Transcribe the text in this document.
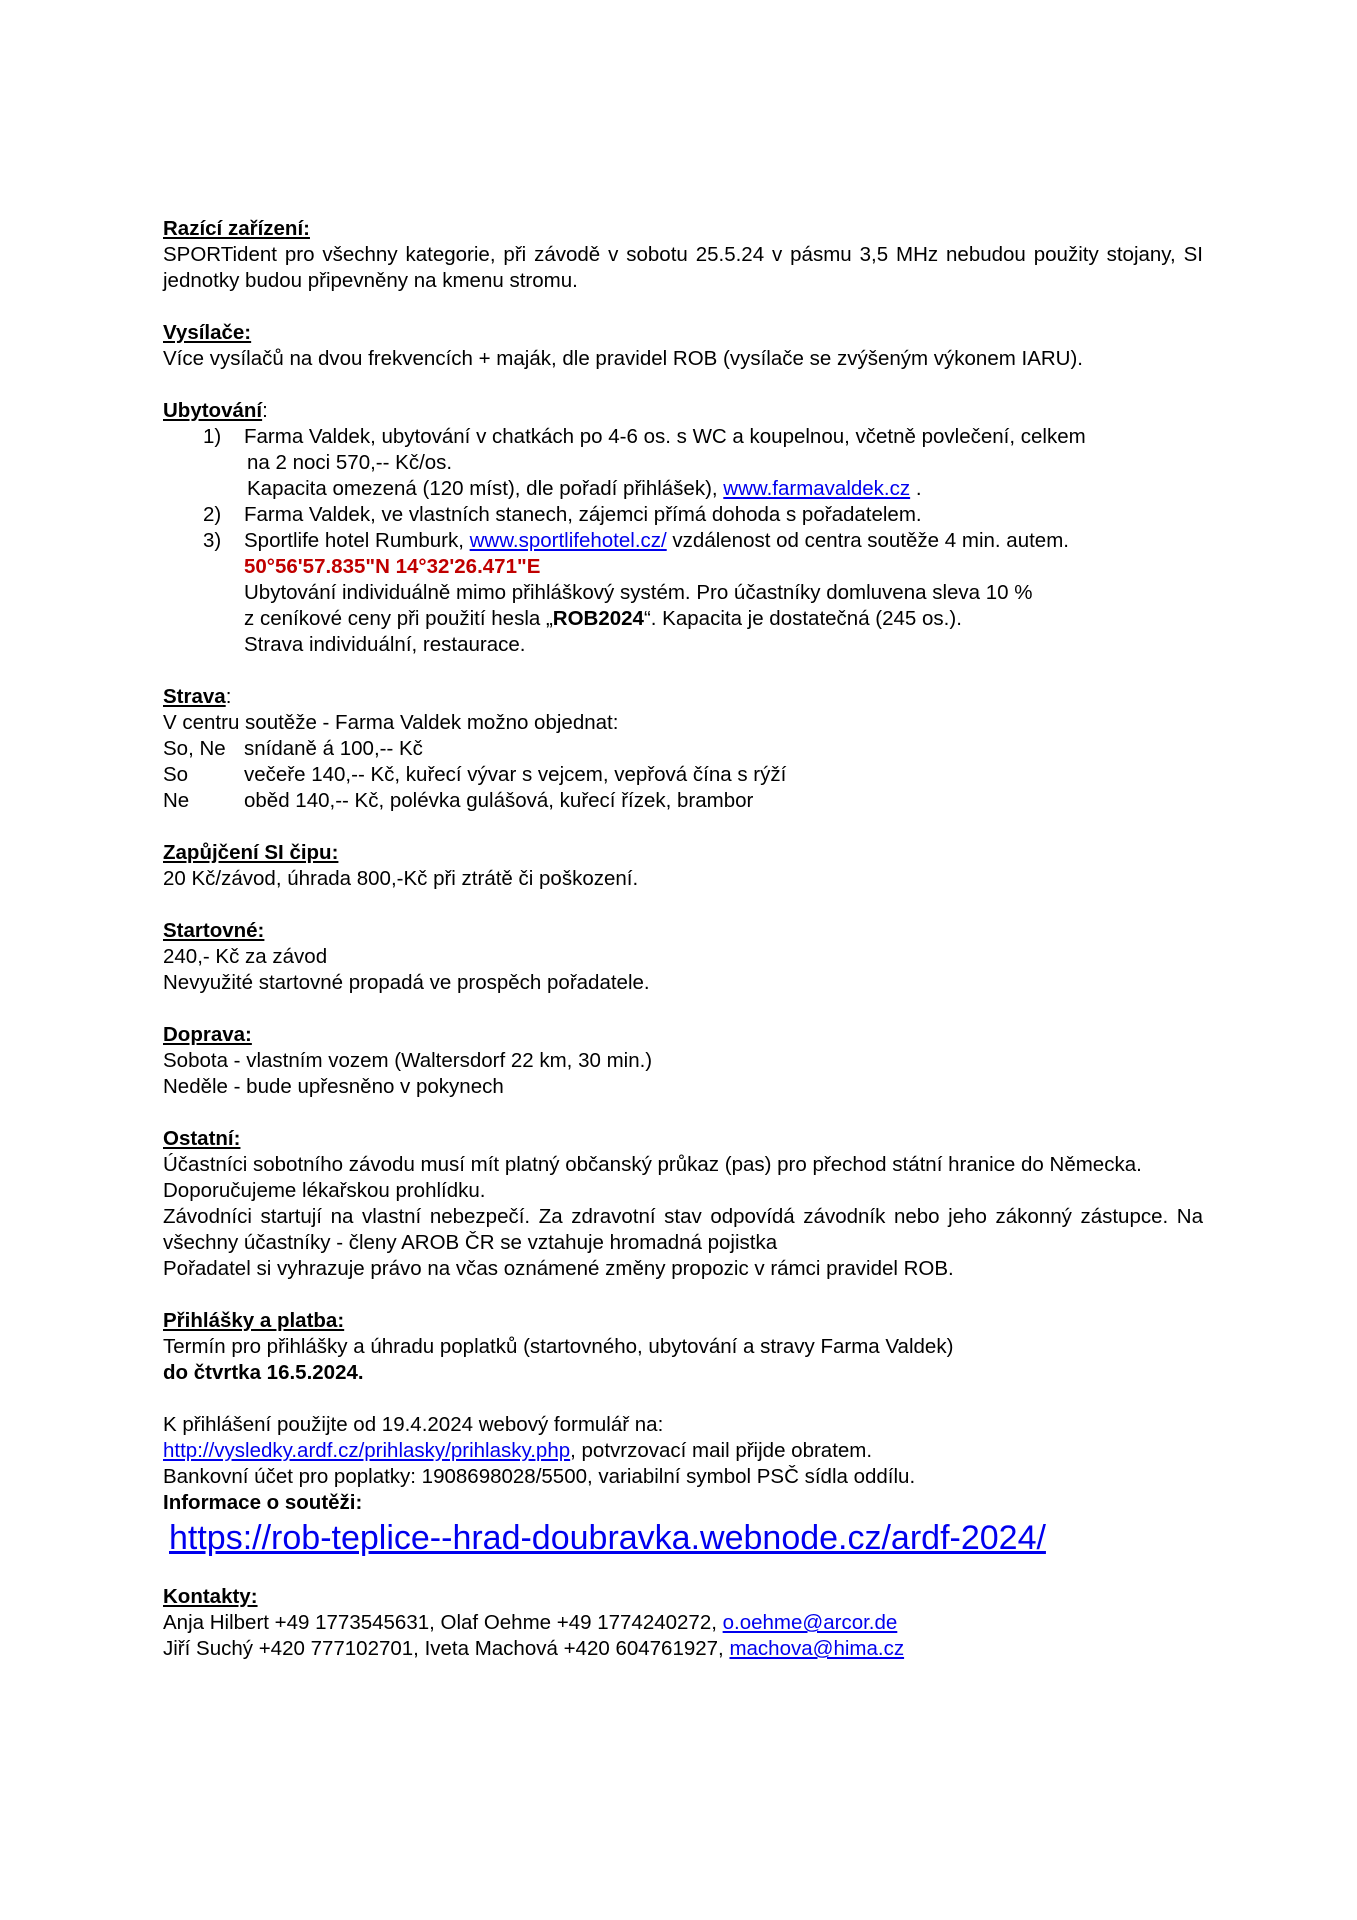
Razící zařízení:
SPORTident pro všechny kategorie, při závodě v sobotu 25.5.24 v pásmu 3,5 MHz nebudou použity stojany, SI jednotky budou připevněny na kmenu stromu.
Vysílače:
Více vysílačů na dvou frekvencích + maják, dle pravidel ROB (vysílače se zvýšeným výkonem IARU).
Ubytování:
1) Farma Valdek, ubytování v chatkách po 4-6 os. s WC a koupelnou, včetně povlečení, celkem
na 2 noci 570,-- Kč/os.
Kapacita omezená (120 míst), dle pořadí přihlášek), www.farmavaldek.cz .
2) Farma Valdek, ve vlastních stanech, zájemci přímá dohoda s pořadatelem.
3) Sportlife hotel Rumburk, www.sportlifehotel.cz/ vzdálenost od centra soutěže 4 min. autem.
50°56'57.835"N 14°32'26.471"E
Ubytování individuálně mimo přihláškový systém. Pro účastníky domluvena sleva 10 %
z ceníkové ceny při použití hesla „ROB2024“. Kapacita je dostatečná (245 os.).
Strava individuální, restaurace.
Strava:
V centru soutěže - Farma Valdek možno objednat:
So, Ne snídaně á 100,-- Kč
So	večeře 140,-- Kč, kuřecí vývar s vejcem, vepřová čína s rýží
Ne	oběd 140,-- Kč, polévka gulášová, kuřecí řízek, brambor
Zapůjčení SI čipu:
20 Kč/závod, úhrada 800,-Kč při ztrátě či poškození.
Startovné:
240,- Kč za závod
Nevyužité startovné propadá ve prospěch pořadatele.
Doprava:
Sobota - vlastním vozem (Waltersdorf 22 km, 30 min.)
Neděle - bude upřesněno v pokynech
Ostatní:
Účastníci sobotního závodu musí mít platný občanský průkaz (pas) pro přechod státní hranice do Německa.
Doporučujeme lékařskou prohlídku.
Závodníci startují na vlastní nebezpečí. Za zdravotní stav odpovídá závodník nebo jeho zákonný zástupce. Na všechny účastníky - členy AROB ČR se vztahuje hromadná pojistka
Pořadatel si vyhrazuje právo na včas oznámené změny propozic v rámci pravidel ROB.
Přihlášky a platba:
Termín pro přihlášky a úhradu poplatků (startovného, ubytování a stravy Farma Valdek)
do čtvrtka 16.5.2024.
K přihlášení použijte od 19.4.2024 webový formulář na:
http://vysledky.ardf.cz/prihlasky/prihlasky.php, potvrzovací mail přijde obratem.
Bankovní účet pro poplatky: 1908698028/5500, variabilní symbol PSČ sídla oddílu.
Informace o soutěži:
https://rob-teplice--hrad-doubravka.webnode.cz/ardf-2024/
Kontakty:
Anja Hilbert +49 1773545631, Olaf Oehme +49 1774240272, o.oehme@arcor.de
Jiří Suchý +420 777102701, Iveta Machová +420 604761927, machova@hima.cz
